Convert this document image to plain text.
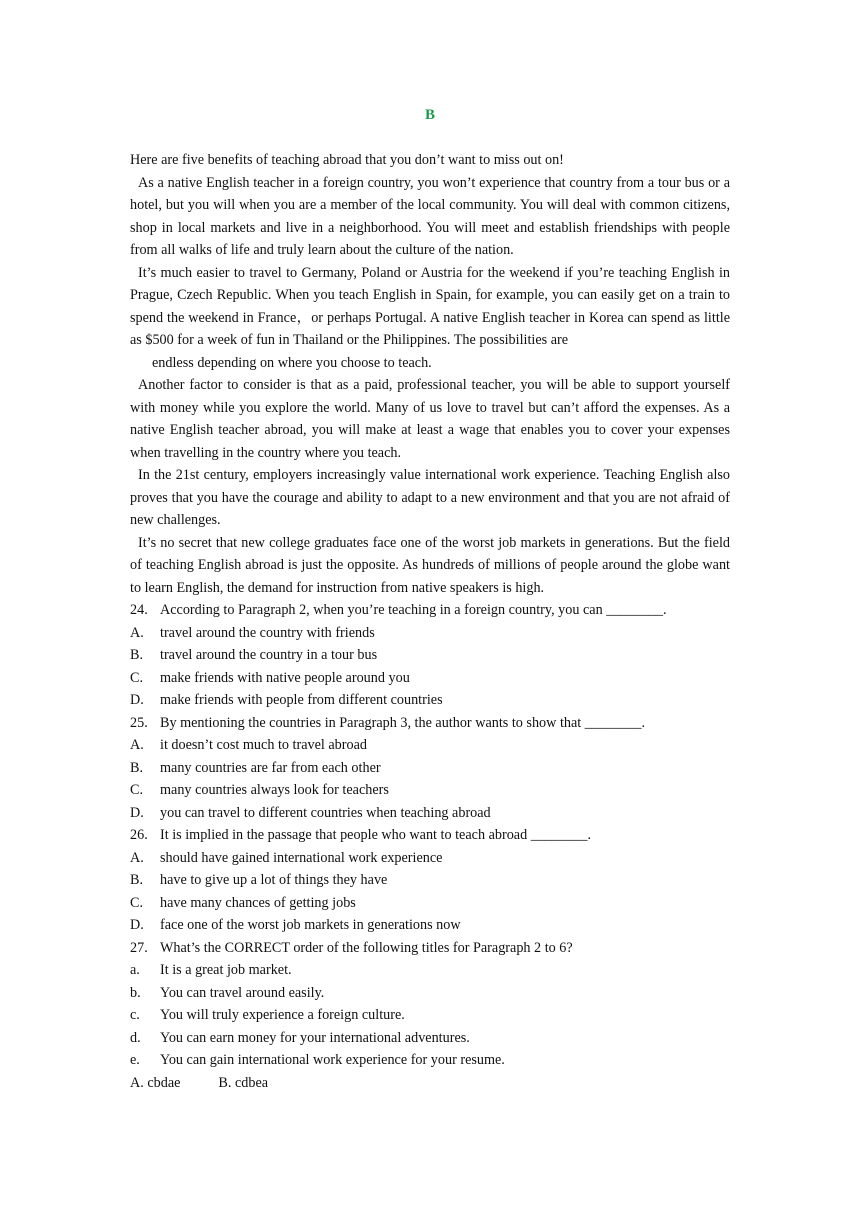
B

Here are five benefits of teaching abroad that you don’t want to miss out on!

As a native English teacher in a foreign country, you won’t experience that country from a tour bus or a hotel, but you will when you are a member of the local community. You will deal with common citizens, shop in local markets and live in a neighborhood. You will meet and establish friendships with people from all walks of life and truly learn about the culture of the nation.

It’s much easier to travel to Germany, Poland or Austria for the weekend if you’re teaching English in Prague, Czech Republic. When you teach English in Spain, for example, you can easily get on a train to spend the weekend in France，or perhaps Portugal. A native English teacher in Korea can spend as little as $500 for a week of fun in Thailand or the Philippines. The possibilities are

endless depending on where you choose to teach.

Another factor to consider is that as a paid, professional teacher, you will be able to support yourself with money while you explore the world. Many of us love to travel but can’t afford the expenses. As a native English teacher abroad, you will make at least a wage that enables you to cover your expenses when travelling in the country where you teach.

In the 21st century, employers increasingly value international work experience. Teaching English also proves that you have the courage and ability to adapt to a new environment and that you are not afraid of new challenges.

It’s no secret that new college graduates face one of the worst job markets in generations. But the field of teaching English abroad is just the opposite. As hundreds of millions of people around the globe want to learn English, the demand for instruction from native speakers is high.

24. According to Paragraph 2, when you’re teaching in a foreign country, you can ________.
A.	travel around the country with friends
B.	travel around the country in a tour bus
C.	make friends with native people around you
D.	make friends with people from different countries
25. By mentioning the countries in Paragraph 3, the author wants to show that ________.
A.	it doesn’t cost much to travel abroad
B.	many countries are far from each other
C.	many countries always look for teachers
D.	you can travel to different countries when teaching abroad
26. It is implied in the passage that people who want to teach abroad ________.
A.	should have gained international work experience
B.	have to give up a lot of things they have
C.	have many chances of getting jobs
D.	face one of the worst job markets in generations now
27. What’s the CORRECT order of the following titles for Paragraph 2 to 6?
a.	It is a great job market.
b.	You can travel around easily.
c.	You will truly experience a foreign culture.
d.	You can earn money for your international adventures.
e.	You can gain international work experience for your resume.
A. cbdae	B. cdbea
